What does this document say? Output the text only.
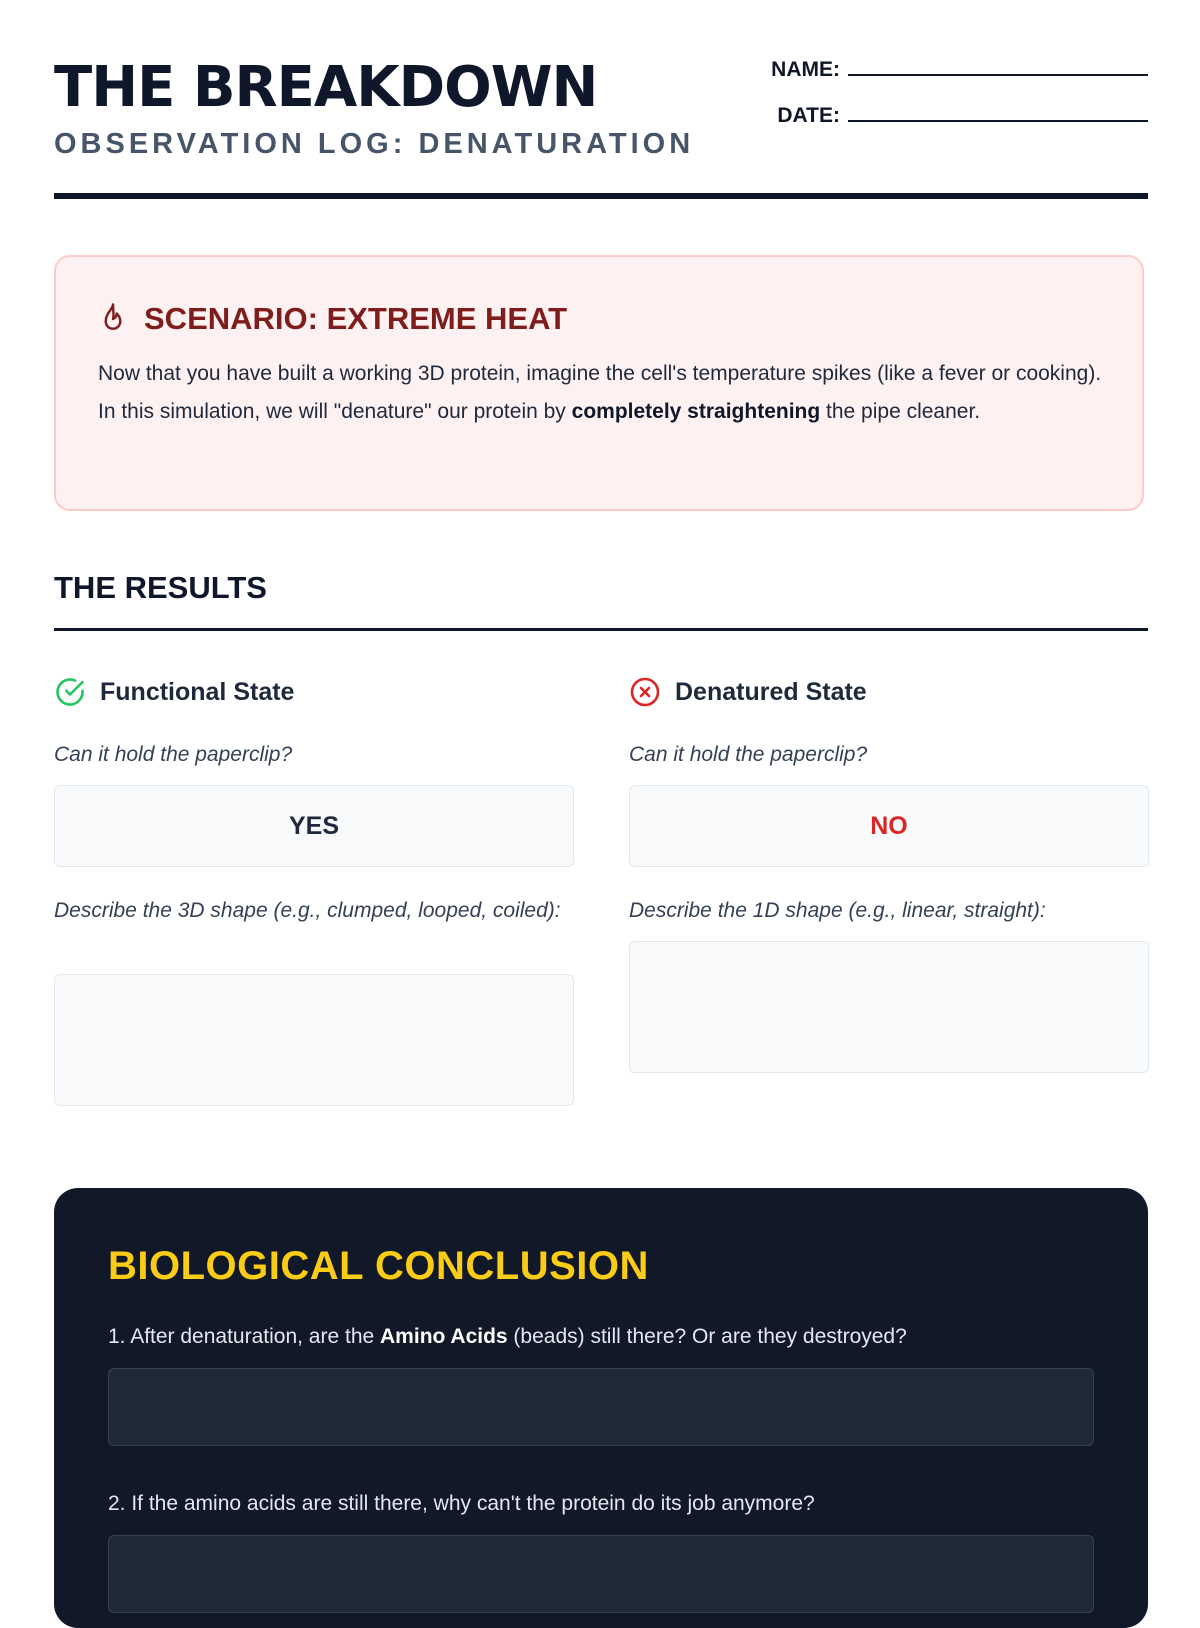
THE BREAKDOWN
OBSERVATION LOG: DENATURATION
NAME:
DATE:
SCENARIO: EXTREME HEAT
Now that you have built a working 3D protein, imagine the cell's temperature spikes (like a fever or cooking). In this simulation, we will "denature" our protein by completely straightening the pipe cleaner.
THE RESULTS
Functional State
Can it hold the paperclip?
YES
Describe the 3D shape (e.g., clumped, looped, coiled):
Denatured State
Can it hold the paperclip?
NO
Describe the 1D shape (e.g., linear, straight):
BIOLOGICAL CONCLUSION
1. After denaturation, are the Amino Acids (beads) still there? Or are they destroyed?
2. If the amino acids are still there, why can't the protein do its job anymore?
